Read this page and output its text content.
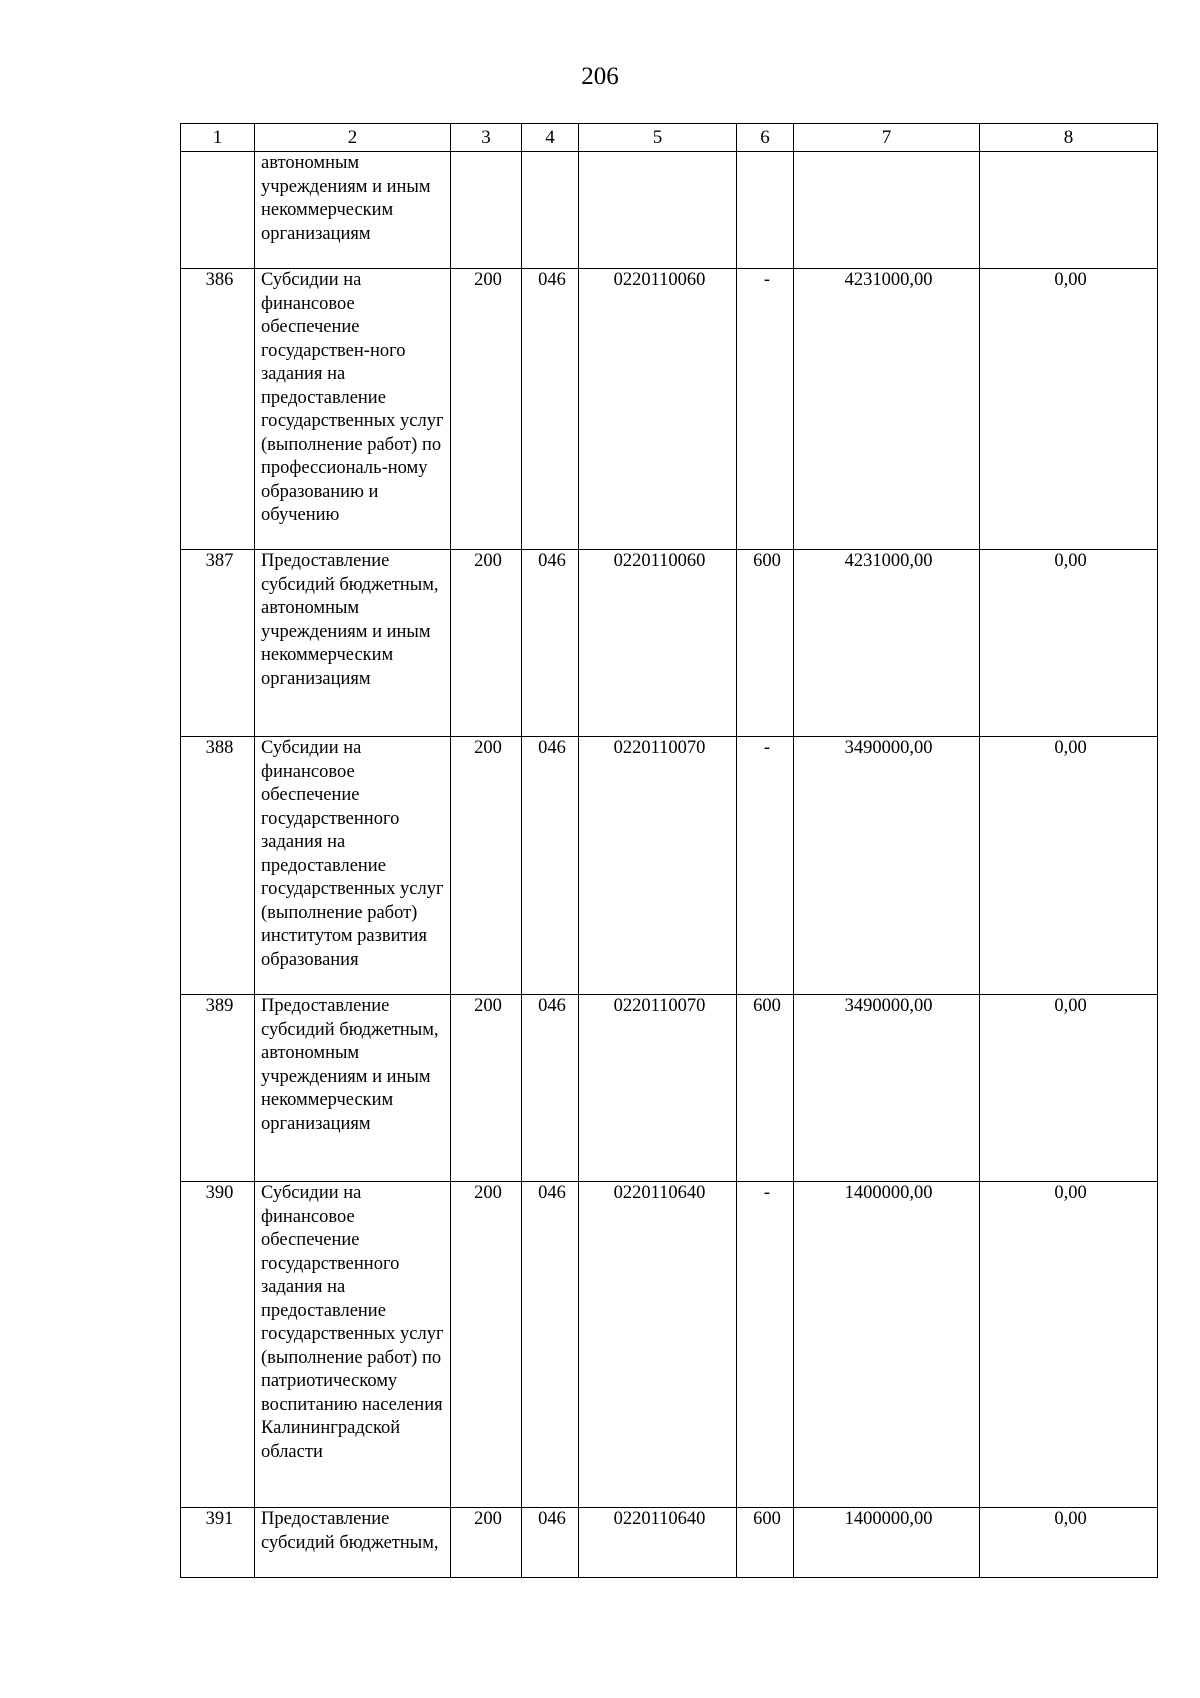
206
1	2	3	4	5	6	7	8
	автономным учреждениям и иным некоммерческим организациям						
386	Субсидии на финансовое обеспечение государствен-ного задания на предоставление государственных услуг (выполнение работ) по профессиональ-ному образованию и обучению	200	046	0220110060	-	4231000,00	0,00
387	Предоставление субсидий бюджетным, автономным учреждениям и иным некоммерческим организациям	200	046	0220110060	600	4231000,00	0,00
388	Субсидии на финансовое обеспечение государственного задания на предоставление государственных услуг (выполнение работ) институтом развития образования	200	046	0220110070	-	3490000,00	0,00
389	Предоставление субсидий бюджетным, автономным учреждениям и иным некоммерческим организациям	200	046	0220110070	600	3490000,00	0,00
390	Субсидии на финансовое обеспечение государственного задания на предоставление государственных услуг (выполнение работ) по патриотическому воспитанию населения Калининградской области	200	046	0220110640	-	1400000,00	0,00
391	Предоставление субсидий бюджетным,	200	046	0220110640	600	1400000,00	0,00
